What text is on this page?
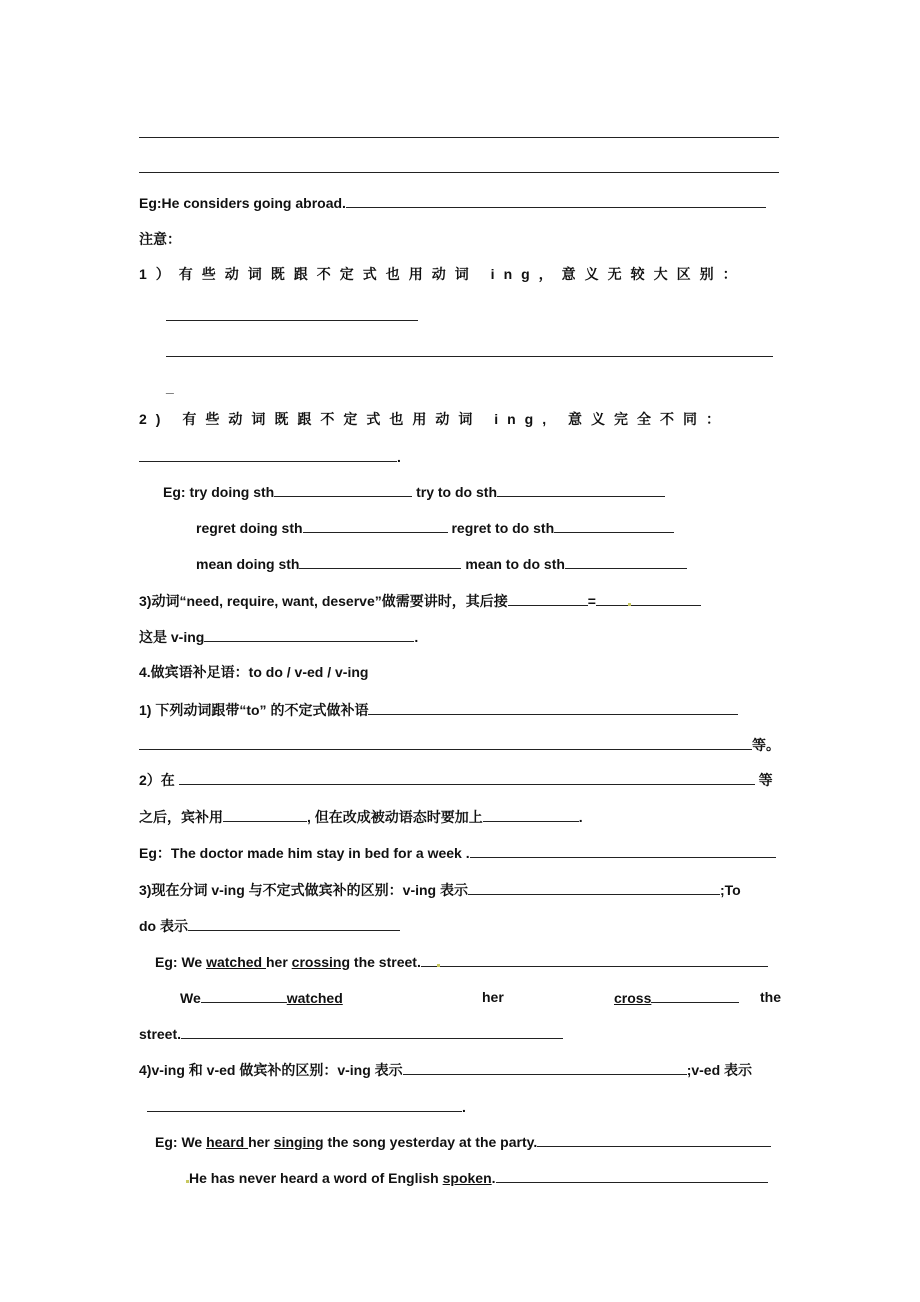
Eg:He considers going abroad.
注意：
1）有些动词既跟不定式也用动词 ing，意义无较大区别：
_
2) 有些动词既跟不定式也用动词 ing, 意义完全不同：
.
Eg: try doing sth	try to do sth
regret doing sth	regret to do sth
mean doing sth	mean to do sth
3)动词“need, require, want, deserve”做需要讲时，其后接	=
这是 v-ing	.
4.做宾语补足语：to do / v-ed / v-ing
1) 下列动词跟带“to” 的不定式做补语
等。
2）在	等
之后，宾补用	, 但在改成被动语态时要加上	.
Eg：The doctor made him stay in bed for a week .
3)现在分词 v-ing 与不定式做宾补的区别：v-ing 表示	;To
do 表示
Eg: We watched her crossing the street.
We	watched	her	cross	the
street.
4)v-ing 和 v-ed 做宾补的区别：v-ing 表示	;v-ed 表示
.
Eg: We heard her singing the song yesterday at the party.
He has never heard a word of English spoken.
